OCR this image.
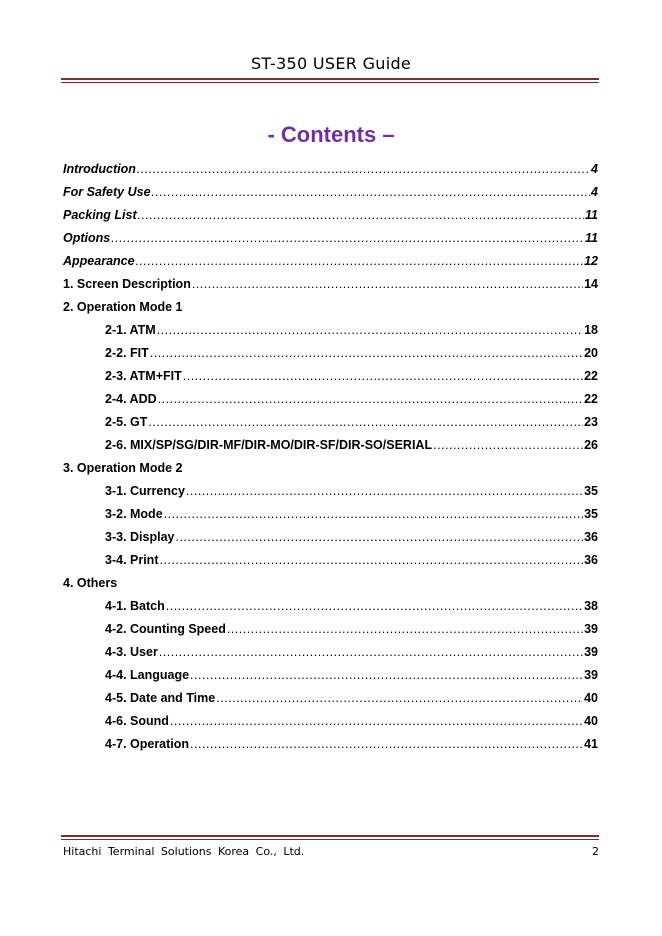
ST-350 USER Guide
- Contents –
Introduction .....	4
For Safety Use .....	4
Packing List .....	11
Options .....	11
Appearance .....	12
1. Screen Description .....	14
2. Operation Mode 1
2-1. ATM .....	18
2-2. FIT .....	20
2-3. ATM+FIT .....	22
2-4. ADD .....	22
2-5. GT .....	23
2-6. MIX/SP/SG/DIR-MF/DIR-MO/DIR-SF/DIR-SO/SERIAL .....	26
3. Operation Mode 2
3-1. Currency .....	35
3-2. Mode .....	35
3-3. Display .....	36
3-4. Print .....	36
4. Others
4-1. Batch .....	38
4-2. Counting Speed .....	39
4-3. User .....	39
4-4. Language .....	39
4-5. Date and Time .....	40
4-6. Sound .....	40
4-7. Operation .....	41
Hitachi Terminal Solutions Korea Co., Ltd.	2
